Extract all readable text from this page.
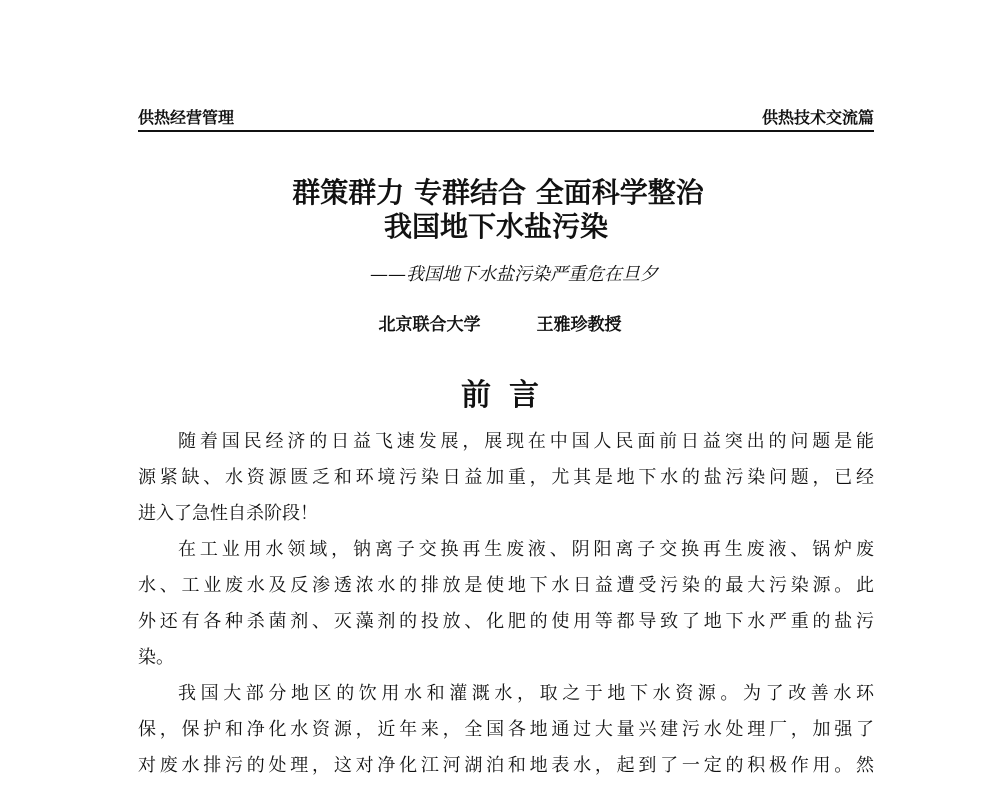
供热经营管理	供热技术交流篇
群策群力 专群结合 全面科学整治
我国地下水盐污染
——我国地下水盐污染严重危在旦夕
北京联合大学	王雅珍教授
前言
随着国民经济的日益飞速发展，展现在中国人民面前日益突出的问题是能
源紧缺、水资源匮乏和环境污染日益加重，尤其是地下水的盐污染问题，已经
进入了急性自杀阶段！
在工业用水领域，钠离子交换再生废液、阴阳离子交换再生废液、锅炉废
水、工业废水及反渗透浓水的排放是使地下水日益遭受污染的最大污染源。此
外还有各种杀菌剂、灭藻剂的投放、化肥的使用等都导致了地下水严重的盐污
染。
我国大部分地区的饮用水和灌溉水，取之于地下水资源。为了改善水环
保，保护和净化水资源，近年来，全国各地通过大量兴建污水处理厂，加强了
对废水排污的处理，这对净化江河湖泊和地表水，起到了一定的积极作用。然
